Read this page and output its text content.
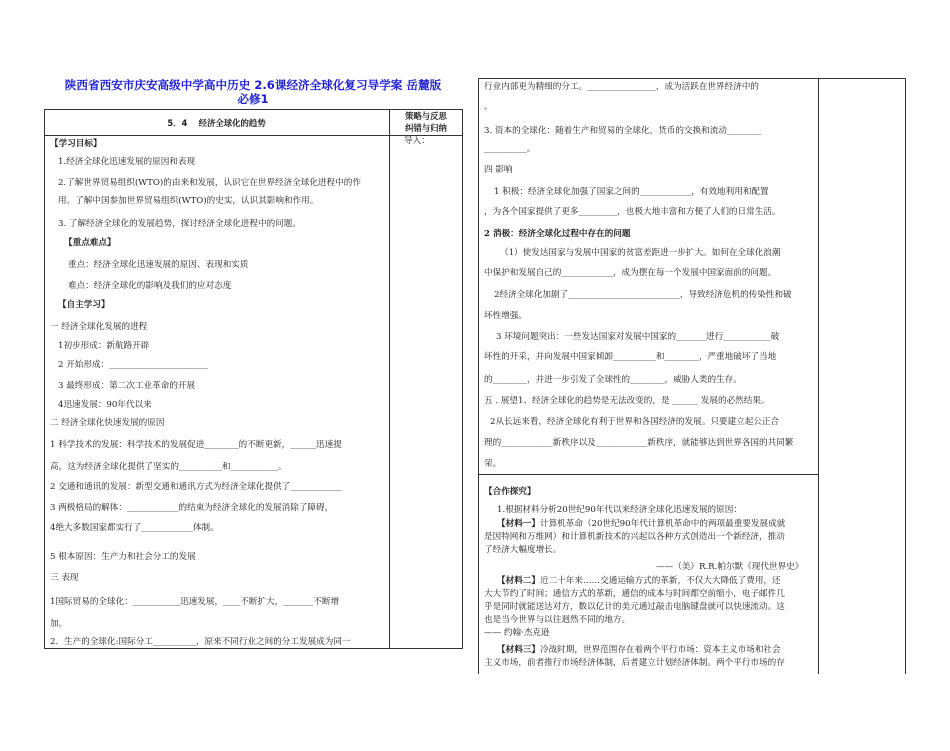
陕西省西安市庆安高级中学高中历史 2.6课经济全球化复习导学案 岳麓版
必修1
5．4　 经济全球化的趋势
策略与反思
纠错与归纳
导入：
【学习目标】
1.经济全球化迅速发展的原因和表现
2.了解世界贸易组织(WTO)的由来和发展，认识它在世界经济全球化进程中的作
用。了解中国参加世界贸易组织(WTO)的史实，认识其影响和作用。
3. 了解经济全球化的发展趋势，探讨经济全球化进程中的问题。
【重点难点】
重点：经济全球化迅速发展的原因、表现和实质
难点：经济全球化的影响及我们的应对态度
【自主学习】
一 经济全球化发展的进程
1初步形成：新航路开辟
2 开始形成：_______________________
3 最终形成：第二次工业革命的开展
4迅速发展：90年代以来
二 经济全球化快速发展的原因
1 科学技术的发展：科学技术的发展促进________的不断更新，______迅速提
高，这为经济全球化提供了坚实的__________和___________。
2 交通和通讯的发展：新型交通和通讯方式为经济全球化提供了____________
3 两极格局的解体：____________的结束为经济全球化的发展消除了障碍，
4绝大多数国家都实行了____________体制。
5 根本原因：生产力和社会分工的发展
三 表现
1国际贸易的全球化：___________迅速发展，____不断扩大，_______不断增
加。
2．生产的全球化:国际分工__________，原来不同行业之间的分工发展成为同一
行业内部更为精细的分工。________________，成为活跃在世界经济中的
。
3. 资本的全球化：随着生产和贸易的全球化，货币的交换和流动________
__________。
四 影响
1 积极：经济全球化加强了国家之间的____________，有效地利用和配置
，为各个国家提供了更多_________，也极大地丰富和方便了人们的日常生活。
2 消极：经济全球化过程中存在的问题
（1）使发达国家与发展中国家的贫富差距进一步扩大。如何在全球化浪潮
中保护和发展自己的____________，成为摆在每一个发展中国家面前的问题。
2经济全球化加剧了__________________________，导致经济危机的传染性和破
坏性增强。
3 环境问题突出：一些发达国家对发展中国家的_______进行___________破
坏性的开采，并向发展中国家倾卸__________和________，严重地破坏了当地
的________，并进一步引发了全球性的________，威胁人类的生存。
五 . 展望1、经济全球化的趋势是无法改变的，是 ______ 发展的必然结果。
2从长远来看，经济全球化有利于世界和各国经济的发展。只要建立起公正合
理的____________新秩序以及____________新秩序，就能够达到世界各国的共同繁
荣。
【合作探究】
1.根据材料分析20世纪90年代以来经济全球化迅速发展的原因：
【材料一】计算机革命（20世纪90年代计算机革命中的两项最重要发展成就
是因特网和万维网）和计算机新技术的兴起以各种方式创造出一个新经济，推动
了经济大幅度增长。
——（美）R.R.帕尔默《现代世界史》
【材料二】近二十年来……交通运输方式的革新，不仅大大降低了费用，还
大大节约了时间；通信方式的革新，通信的成本与时间都空前缩小，电子邮件几
乎是同时就能送达对方，数以亿计的美元通过敲击电脑键盘就可以快速流动。这
也是当今世界与以往迥然不同的地方。
—— 约翰·杰克逊
【材料三】冷战时期，世界范围存在着两个平行市场：资本主义市场和社会
主义市场，前者推行市场经济体制，后者建立计划经济体制。两个平行市场的存
